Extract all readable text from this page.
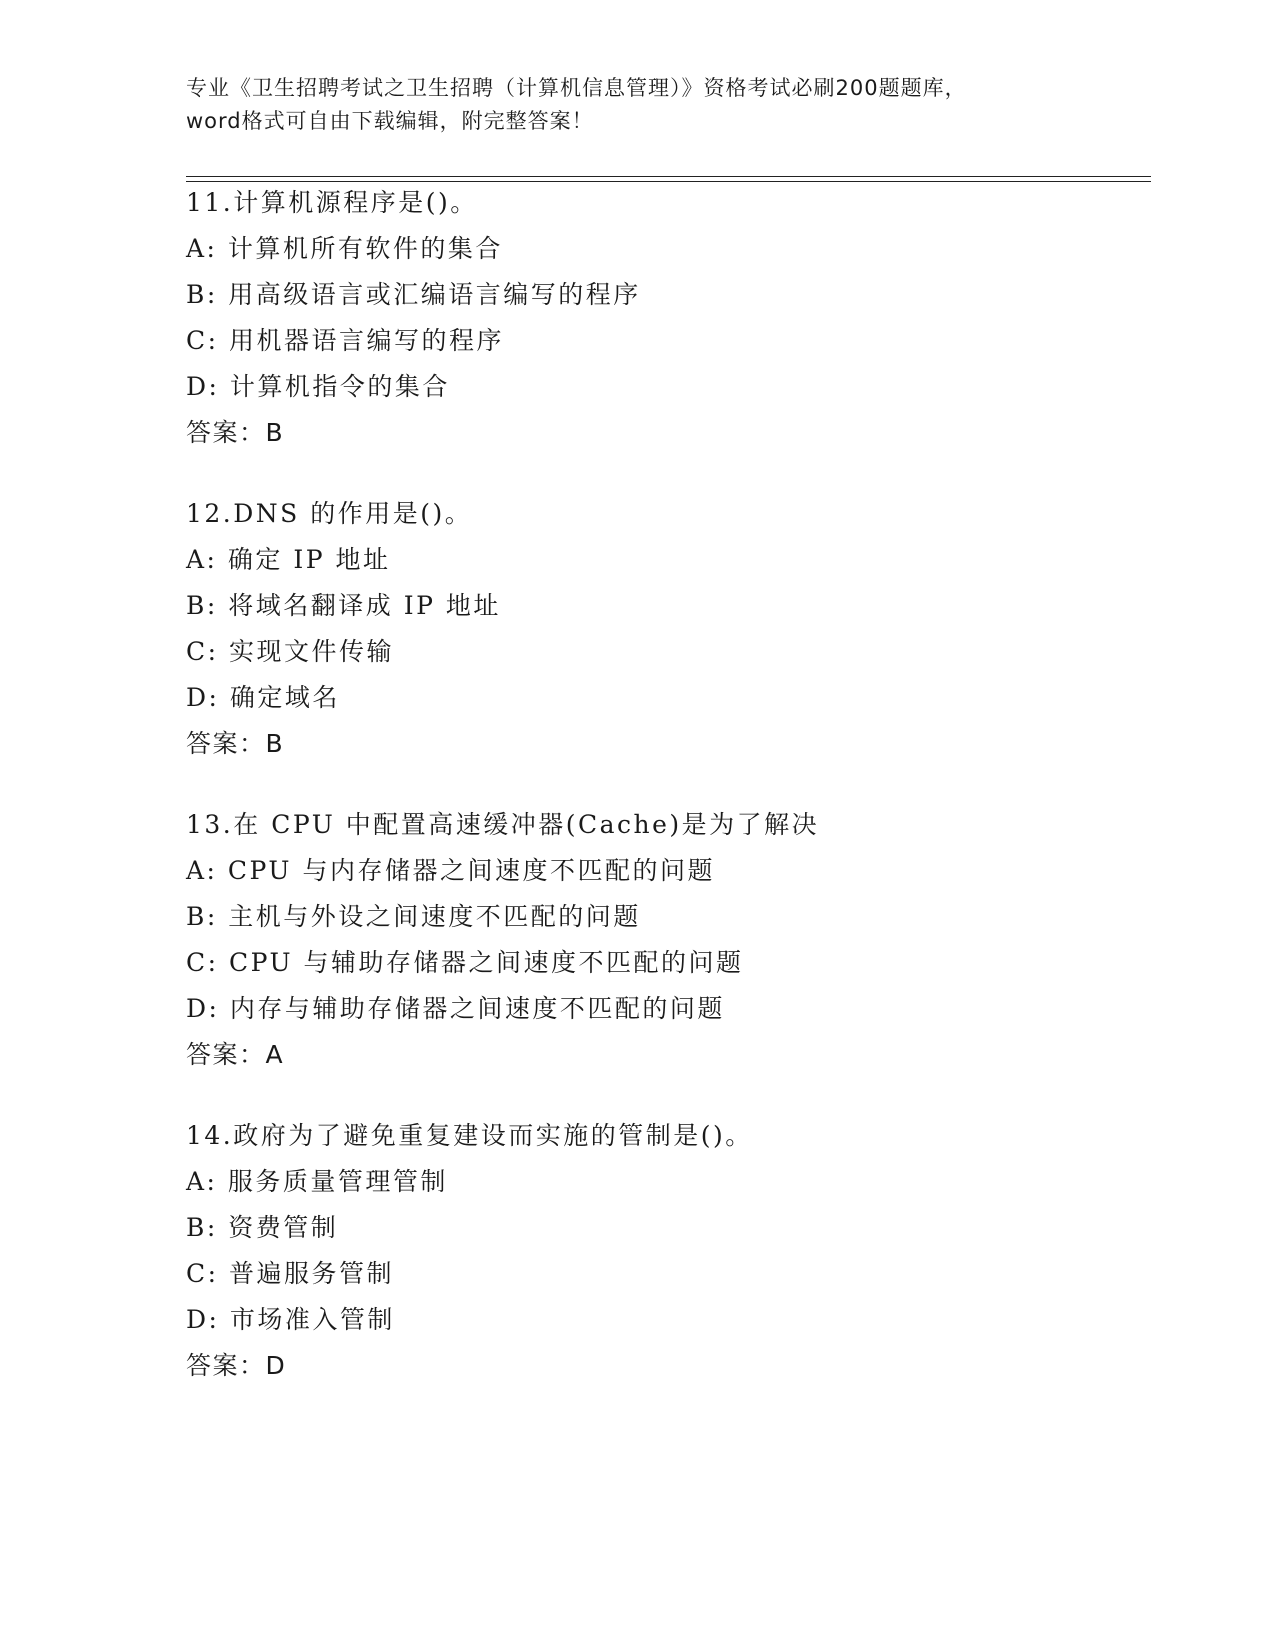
专业《卫生招聘考试之卫生招聘（计算机信息管理）》资格考试必刷200题题库，
word格式可自由下载编辑，附完整答案！
11.计算机源程序是()。
A: 计算机所有软件的集合
B: 用高级语言或汇编语言编写的程序
C: 用机器语言编写的程序
D: 计算机指令的集合
答案：B
12.DNS 的作用是()。
A: 确定 IP 地址
B: 将域名翻译成 IP 地址
C: 实现文件传输
D: 确定域名
答案：B
13.在 CPU 中配置高速缓冲器(Cache)是为了解决
A: CPU 与内存储器之间速度不匹配的问题
B: 主机与外设之间速度不匹配的问题
C: CPU 与辅助存储器之间速度不匹配的问题
D: 内存与辅助存储器之间速度不匹配的问题
答案：A
14.政府为了避免重复建设而实施的管制是()。
A: 服务质量管理管制
B: 资费管制
C: 普遍服务管制
D: 市场准入管制
答案：D
